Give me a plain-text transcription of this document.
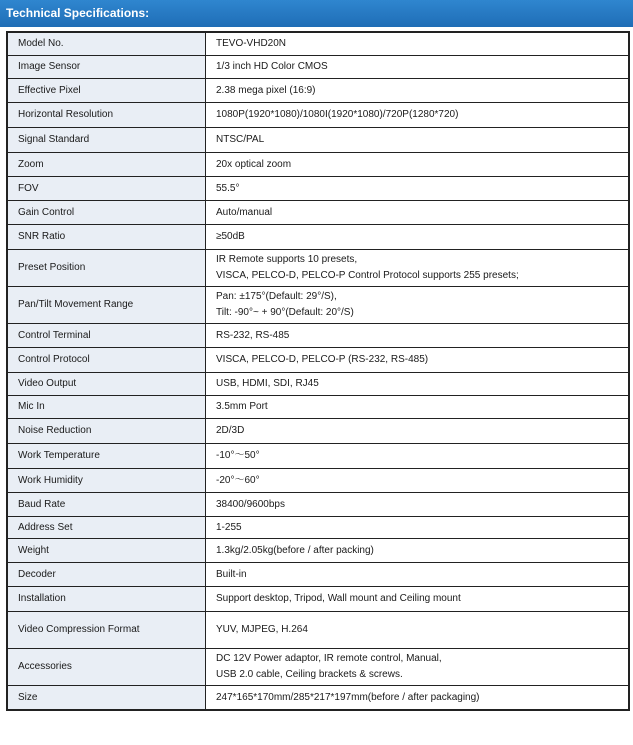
Technical Specifications:
Model No.	TEVO-VHD20N

Image Sensor	1/3 inch HD Color CMOS

Effective Pixel	2.38 mega pixel (16:9)

Horizontal Resolution	1080P(1920*1080)/1080I(1920*1080)/720P(1280*720)

Signal Standard	NTSC/PAL

Zoom	20x optical zoom

FOV	55.5°

Gain Control	Auto/manual

SNR Ratio	≥50dB

Preset Position	IR Remote supports 10 presets,
VISCA, PELCO-D, PELCO-P Control Protocol supports 255 presets;

Pan/Tilt Movement Range	Pan: ±175°(Default: 29°/S),
Tilt: -90°~ + 90°(Default: 20°/S)

Control Terminal	RS-232, RS-485

Control Protocol	VISCA, PELCO-D, PELCO-P (RS-232, RS-485)

Video Output	USB, HDMI, SDI, RJ45

Mic In	3.5mm Port

Noise Reduction	2D/3D

Work Temperature	-10°～50°

Work Humidity	-20°～60°

Baud Rate	38400/9600bps

Address Set	1-255

Weight	1.3kg/2.05kg(before / after packing)

Decoder	Built-in

Installation	Support desktop, Tripod, Wall mount and Ceiling mount

Video Compression Format	YUV, MJPEG, H.264

Accessories	DC 12V Power adaptor, IR remote control, Manual,
USB 2.0 cable, Ceiling brackets & screws.

Size	247*165*170mm/285*217*197mm(before / after packaging)
